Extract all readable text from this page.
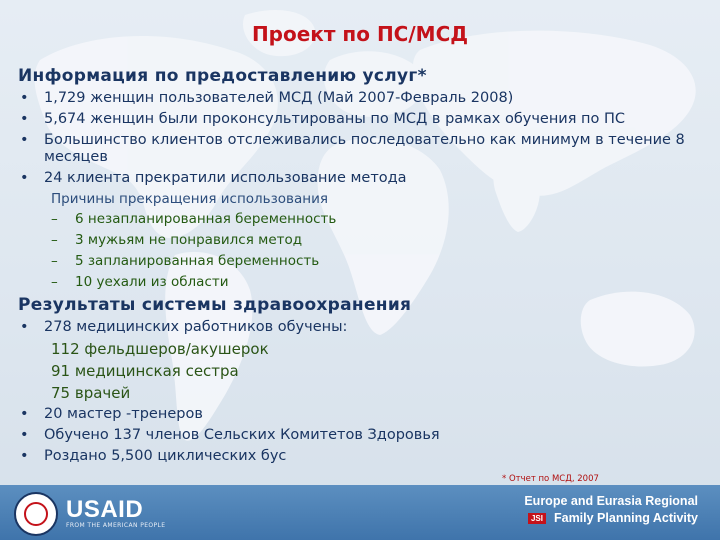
Проект по ПС/МСД
Информация по предоставлению услуг*
• 1,729 женщин пользователей МСД (Май 2007-Февраль 2008)
• 5,674 женщин были проконсультированы по МСД в рамках обучения по ПС
• Большинство клиентов отслеживались последовательно как минимум в течение 8 месяцев
• 24 клиента прекратили использование метода
Причины прекращения использования
– 6 незапланированная беременность
– 3 мужьям не понравился метод
– 5 запланированная беременность
– 10 уехали из области
Результаты системы здравоохранения
• 278 медицинских работников обучены:
112 фельдшеров/акушерок
91 медицинская сестра
75 врачей
• 20 мастер -тренеров
• Обучено 137 членов Сельских Комитетов Здоровья
• Роздано 5,500 циклических бус
* Отчет по МСД, 2007
USAID
FROM THE AMERICAN PEOPLE
Europe and Eurasia Regional
JSI Family Planning Activity
